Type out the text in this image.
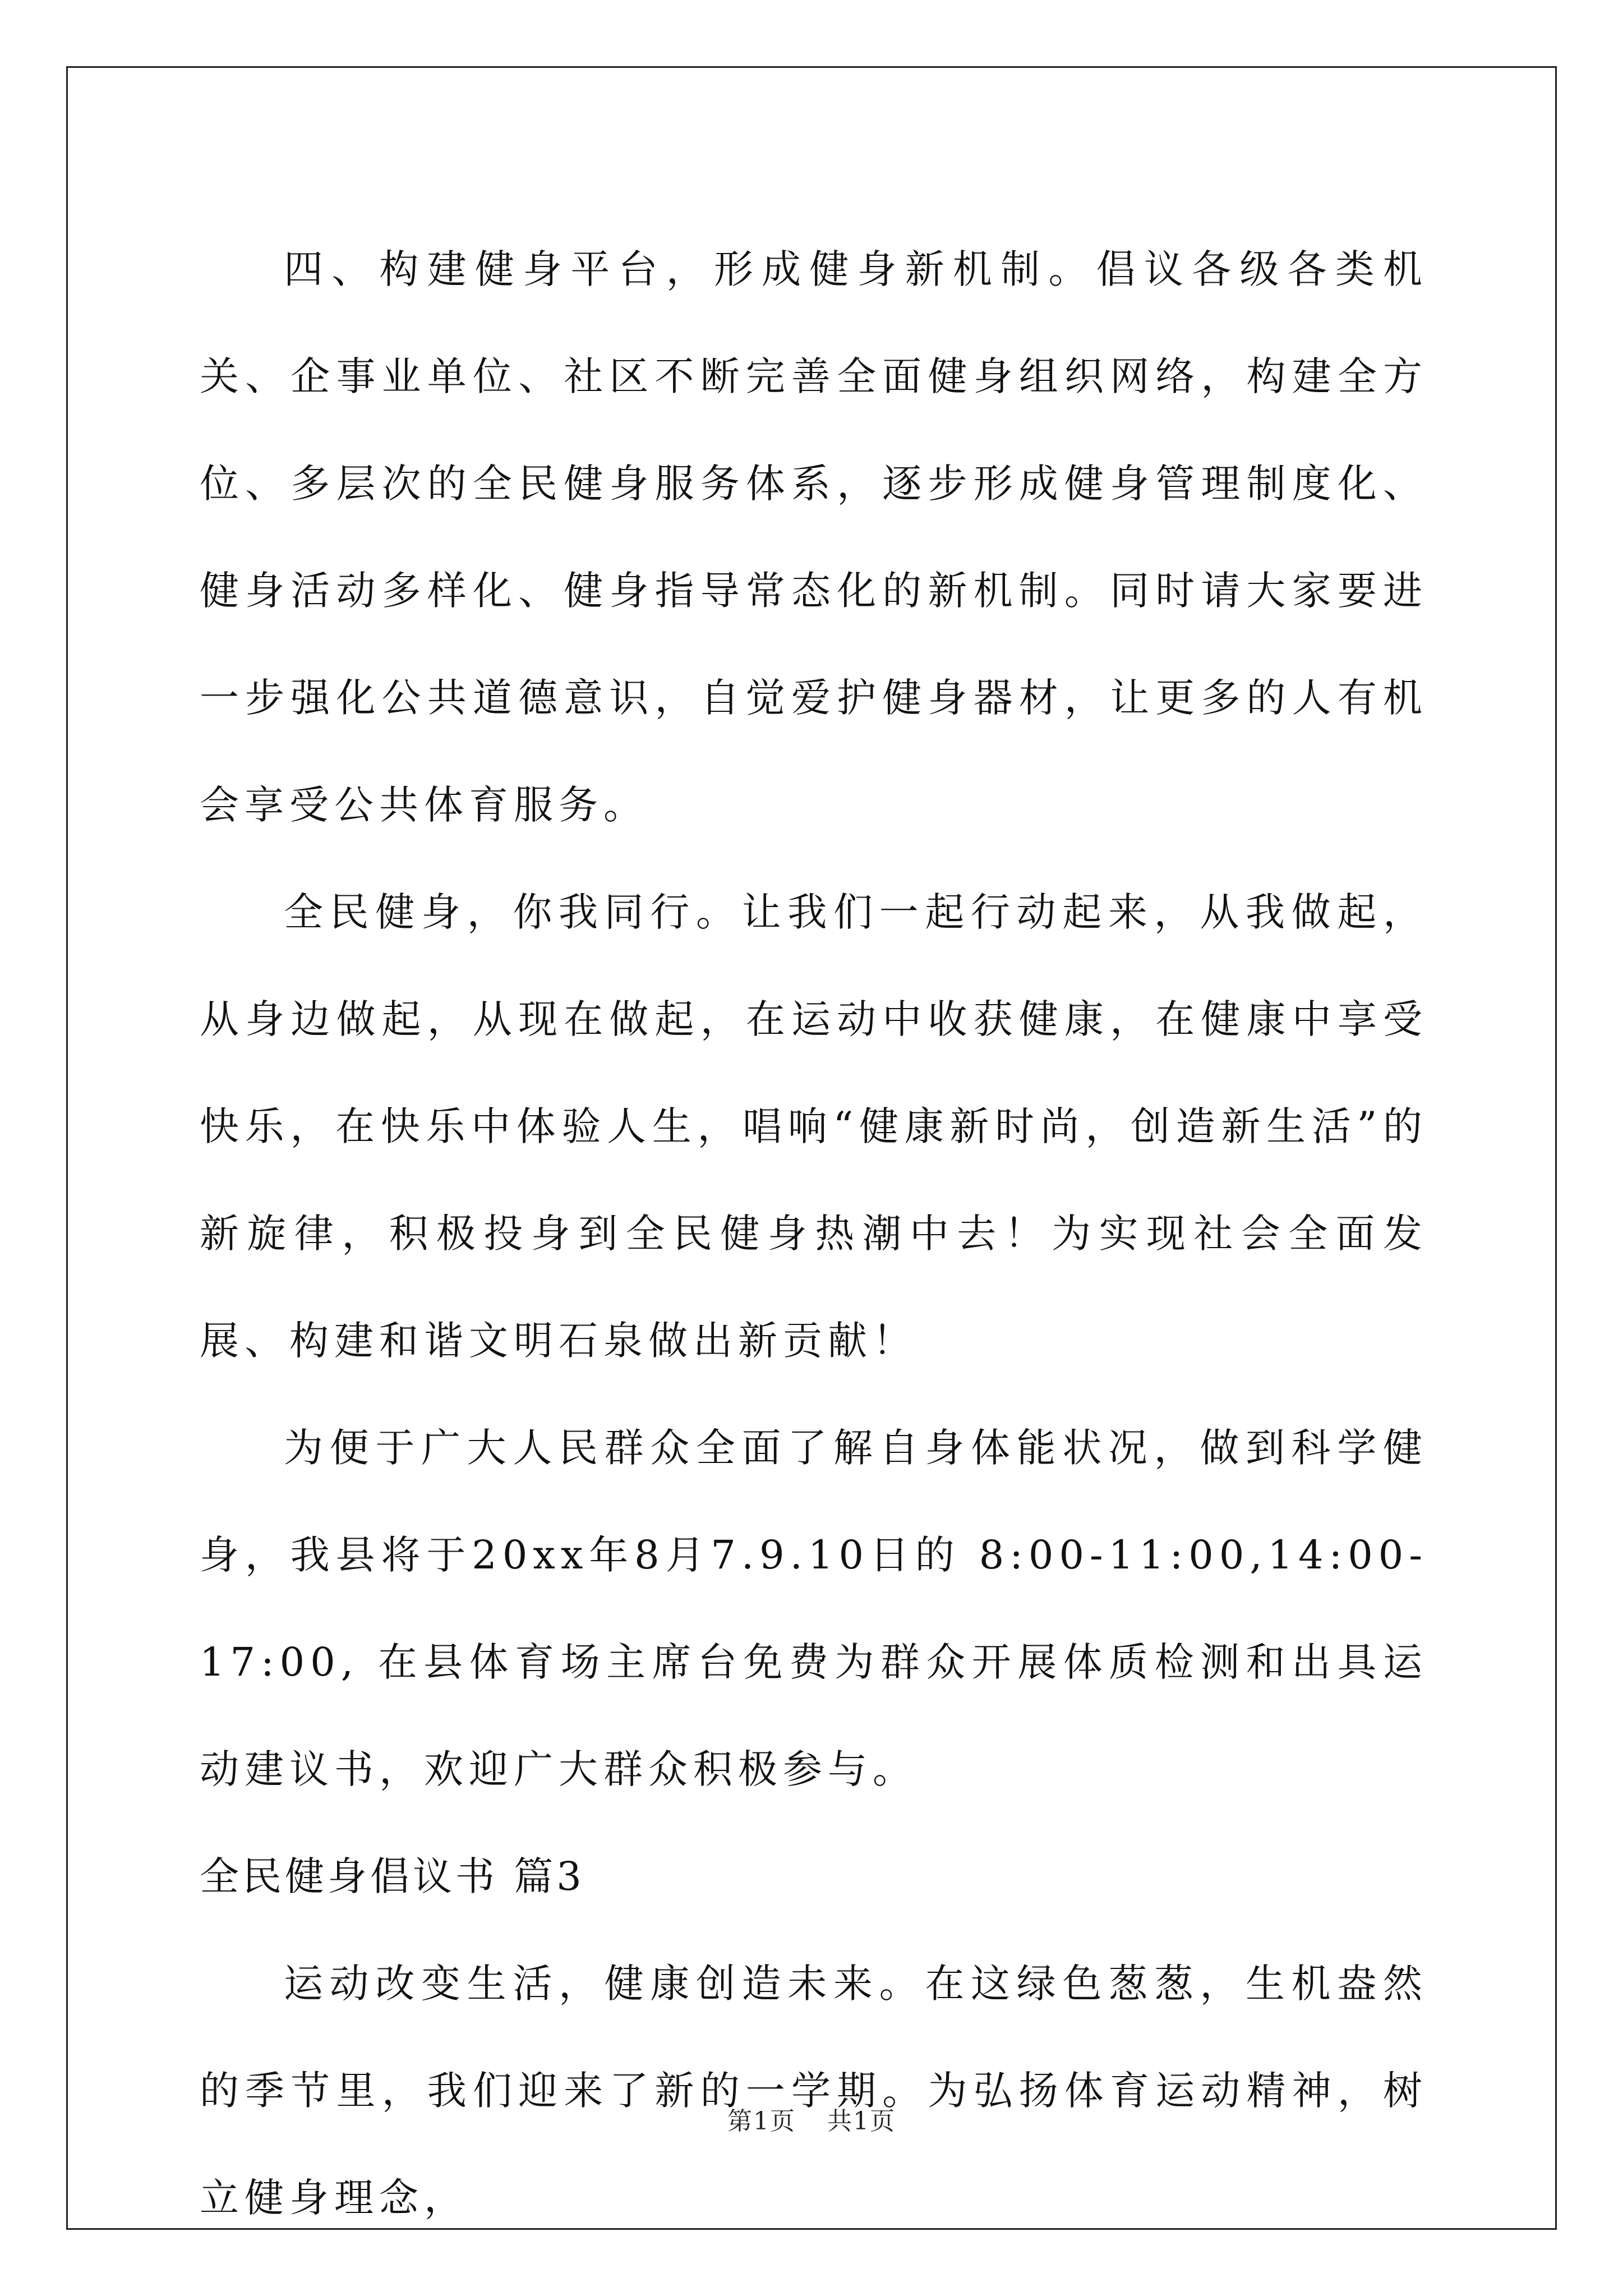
四、构建健身平台，形成健身新机制。倡议各级各类机关、企事业单位、社区不断完善全面健身组织网络，构建全方位、多层次的全民健身服务体系，逐步形成健身管理制度化、健身活动多样化、健身指导常态化的新机制。同时请大家要进一步强化公共道德意识，自觉爱护健身器材，让更多的人有机会享受公共体育服务。

全民健身，你我同行。让我们一起行动起来，从我做起，从身边做起，从现在做起，在运动中收获健康，在健康中享受快乐，在快乐中体验人生，唱响“健康新时尚，创造新生活”的新旋律，积极投身到全民健身热潮中去！为实现社会全面发展、构建和谐文明石泉做出新贡献！

为便于广大人民群众全面了解自身体能状况，做到科学健身，我县将于20xx年8月7.9.10日的 8:00-11:00,14:00-17:00, 在县体育场主席台免费为群众开展体质检测和出具运动建议书，欢迎广大群众积极参与。

全民健身倡议书 篇3

运动改变生活，健康创造未来。在这绿色葱葱，生机盎然的季节里，我们迎来了新的一学期。为弘扬体育运动精神，树立健身理念，

第1页 共1页
